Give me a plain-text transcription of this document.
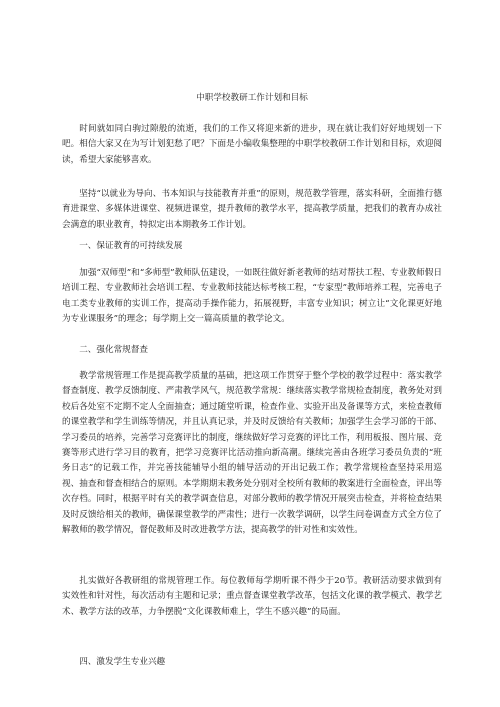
中职学校教研工作计划和目标

时间就如同白驹过隙般的流逝，我们的工作又将迎来新的进步，现在就让我们好好地规划一下吧。相信大家又在为写计划犯愁了吧？下面是小编收集整理的中职学校教研工作计划和目标，欢迎阅读，希望大家能够喜欢。

坚持“以就业为导向、书本知识与技能教育并重”的原则，规范教学管理，落实科研，全面推行德育进课堂、多媒体进课堂、视频进课堂，提升教师的教学水平，提高教学质量，把我们的教育办成社会满意的职业教育，特拟定出本期教务工作计划。

一、保证教育的可持续发展

加强“双师型”和“多师型”教师队伍建设，一如既往做好新老教师的结对帮扶工程、专业教师假日培训工程、专业教师社会培训工程、专业教师技能达标考核工程，“专家型”教师培养工程，完善电子电工类专业教师的实训工作，提高动手操作能力，拓展视野，丰富专业知识；树立让“文化课更好地为专业课服务”的理念；每学期上交一篇高质量的教学论文。

二、强化常规督查

教学常规管理工作是提高教学质量的基础，把这项工作贯穿于整个学校的教学过程中：落实教学督查制度、教学反馈制度、严肃教学风气，规范教学常规：继续落实教学常规检查制度，教务处对到校后各处室不定期不定人全面抽查；通过随堂听课，检查作业、实验开出及备课等方式，来检查教师的课堂教学和学生训练等情况，并且认真记录，并及时反馈给有关教师；加强学生会学习部的干部、学习委员的培养，完善学习竞赛评比的制度，继续做好学习竞赛的评比工作，利用板报、图片展、竞赛等形式进行学习目的教育，把学习竞赛评比活动推向新高潮。继续完善由各班学习委员负责的“班务日志”的记载工作，并完善技能辅导小组的辅导活动的开出记载工作；教学常规检查坚持采用巡视、抽查和督查相结合的原则。本学期期末教务处分别对全校所有教师的教案进行全面检查，评出等次存档。同时，根据平时有关的教学调查信息，对部分教师的教学情况开展突击检查，并将检查结果及时反馈给相关的教师，确保课堂教学的严肃性；进行一次教学调研，以学生问卷调查方式全方位了解教师的教学情况，督促教师及时改进教学方法，提高教学的针对性和实效性。

扎实做好各教研组的常规管理工作。每位教师每学期听课不得少于20节。教研活动要求做到有实效性和针对性，每次活动有主题和记录；重点督查课堂教学改革，包括文化课的教学模式、教学艺术、教学方法的改革，力争摆脱“文化课教师难上，学生不感兴趣”的局面。

四、激发学生专业兴趣
